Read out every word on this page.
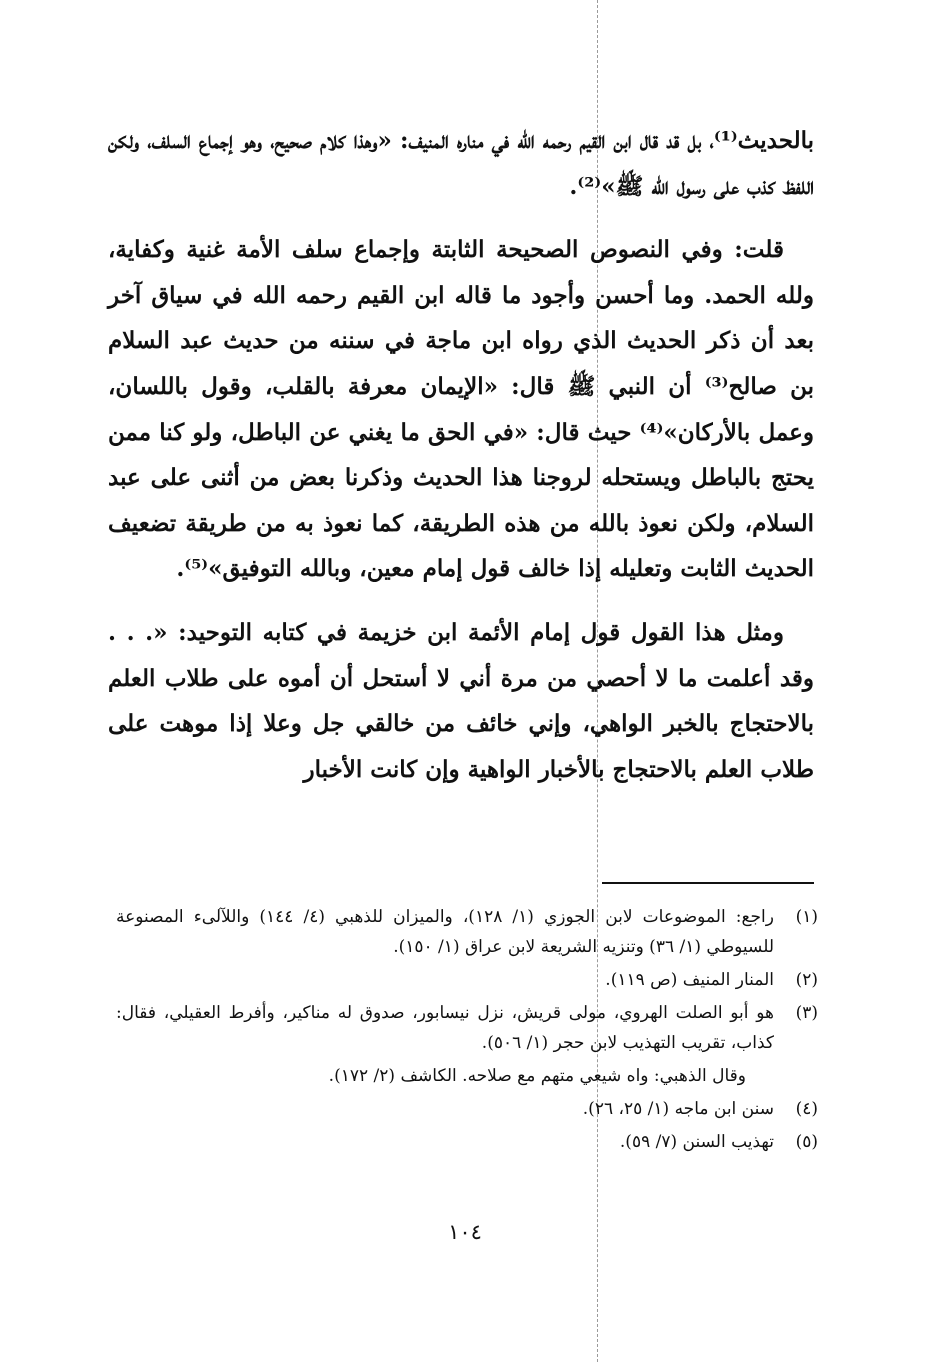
بالحديث⁽¹⁾، بل قد قال ابن القيم رحمه الله في مناره المنيف: «وهذا كلام صحيح، وهو إجماع السلف، ولكن اللفظ كذب على رسول الله ﷺ»⁽²⁾.

قلت: وفي النصوص الصحيحة الثابتة وإجماع سلف الأمة غنية وكفاية، ولله الحمد. وما أحسن وأجود ما قاله ابن القيم رحمه الله في سياق آخر بعد أن ذكر الحديث الذي رواه ابن ماجة في سننه من حديث عبد السلام بن صالح⁽³⁾ أن النبي ﷺ قال: «الإيمان معرفة بالقلب، وقول باللسان، وعمل بالأركان»⁽⁴⁾ حيث قال: «في الحق ما يغني عن الباطل، ولو كنا ممن يحتج بالباطل ويستحله لروجنا هذا الحديث وذكرنا بعض من أثنى على عبد السلام، ولكن نعوذ بالله من هذه الطريقة، كما نعوذ به من طريقة تضعيف الحديث الثابت وتعليله إذا خالف قول إمام معين، وبالله التوفيق»⁽⁵⁾.

ومثل هذا القول قول إمام الأئمة ابن خزيمة في كتابه التوحيد: «. . . وقد أعلمت ما لا أحصي من مرة أني لا أستحل أن أموه على طلاب العلم بالاحتجاج بالخبر الواهي، وإني خائف من خالقي جل وعلا إذا موهت على طلاب العلم بالاحتجاج بالأخبار الواهية وإن كانت الأخبار

(١)
راجع: الموضوعات لابن الجوزي (١/ ١٢٨)، والميزان للذهبي (٤/ ١٤٤) واللآلىء المصنوعة للسيوطي (١/ ٣٦) وتنزيه الشريعة لابن عراق (١/ ١٥٠).
(٢)
المنار المنيف (ص ١١٩).
(٣)
هو أبو الصلت الهروي، مولى قريش، نزل نيسابور، صدوق له مناكير، وأفرط العقيلي، فقال: كذاب، تقريب التهذيب لابن حجر (١/ ٥٠٦).
وقال الذهبي: واه شيعي متهم مع صلاحه. الكاشف (٢/ ١٧٢).
(٤)
سنن ابن ماجه (١/ ٢٥، ٢٦).
(٥)
تهذيب السنن (٧/ ٥٩).
١٠٤
